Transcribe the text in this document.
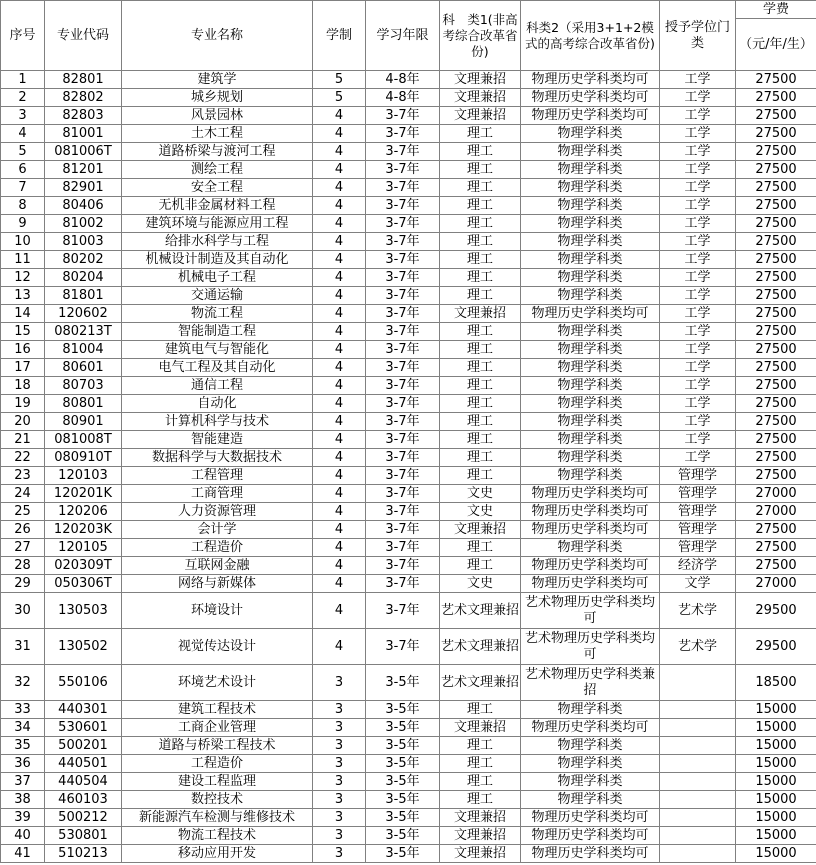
序号	专业代码	专业名称	学制	学习年限	科　类1(非高考综合改革省份)	科类2（采用3+1+2模式的高考综合改革省份)	授予学位门类	学费
								（元/年/生）
1	82801	建筑学	5	4-8年	文理兼招	物理历史学科类均可	工学	27500
2	82802	城乡规划	5	4-8年	文理兼招	物理历史学科类均可	工学	27500
3	82803	风景园林	4	3-7年	文理兼招	物理历史学科类均可	工学	27500
4	81001	土木工程	4	3-7年	理工	物理学科类	工学	27500
5	081006T	道路桥梁与渡河工程	4	3-7年	理工	物理学科类	工学	27500
6	81201	测绘工程	4	3-7年	理工	物理学科类	工学	27500
7	82901	安全工程	4	3-7年	理工	物理学科类	工学	27500
8	80406	无机非金属材料工程	4	3-7年	理工	物理学科类	工学	27500
9	81002	建筑环境与能源应用工程	4	3-7年	理工	物理学科类	工学	27500
10	81003	给排水科学与工程	4	3-7年	理工	物理学科类	工学	27500
11	80202	机械设计制造及其自动化	4	3-7年	理工	物理学科类	工学	27500
12	80204	机械电子工程	4	3-7年	理工	物理学科类	工学	27500
13	81801	交通运输	4	3-7年	理工	物理学科类	工学	27500
14	120602	物流工程	4	3-7年	文理兼招	物理历史学科类均可	工学	27500
15	080213T	智能制造工程	4	3-7年	理工	物理学科类	工学	27500
16	81004	建筑电气与智能化	4	3-7年	理工	物理学科类	工学	27500
17	80601	电气工程及其自动化	4	3-7年	理工	物理学科类	工学	27500
18	80703	通信工程	4	3-7年	理工	物理学科类	工学	27500
19	80801	自动化	4	3-7年	理工	物理学科类	工学	27500
20	80901	计算机科学与技术	4	3-7年	理工	物理学科类	工学	27500
21	081008T	智能建造	4	3-7年	理工	物理学科类	工学	27500
22	080910T	数据科学与大数据技术	4	3-7年	理工	物理学科类	工学	27500
23	120103	工程管理	4	3-7年	理工	物理学科类	管理学	27500
24	120201K	工商管理	4	3-7年	文史	物理历史学科类均可	管理学	27000
25	120206	人力资源管理	4	3-7年	文史	物理历史学科类均可	管理学	27000
26	120203K	会计学	4	3-7年	文理兼招	物理历史学科类均可	管理学	27500
27	120105	工程造价	4	3-7年	理工	物理学科类	管理学	27500
28	020309T	互联网金融	4	3-7年	理工	物理历史学科类均可	经济学	27500
29	050306T	网络与新媒体	4	3-7年	文史	物理历史学科类均可	文学	27000
30	130503	环境设计	4	3-7年	艺术文理兼招	艺术物理历史学科类均可	艺术学	29500
31	130502	视觉传达设计	4	3-7年	艺术文理兼招	艺术物理历史学科类均可	艺术学	29500
32	550106	环境艺术设计	3	3-5年	艺术文理兼招	艺术物理历史学科类兼招		18500
33	440301	建筑工程技术	3	3-5年	理工	物理学科类		15000
34	530601	工商企业管理	3	3-5年	文理兼招	物理历史学科类均可		15000
35	500201	道路与桥梁工程技术	3	3-5年	理工	物理学科类		15000
36	440501	工程造价	3	3-5年	理工	物理学科类		15000
37	440504	建设工程监理	3	3-5年	理工	物理学科类		15000
38	460103	数控技术	3	3-5年	理工	物理学科类		15000
39	500212	新能源汽车检测与维修技术	3	3-5年	文理兼招	物理历史学科类均可		15000
40	530801	物流工程技术	3	3-5年	文理兼招	物理历史学科类均可		15000
41	510213	移动应用开发	3	3-5年	文理兼招	物理历史学科类均可		15000
